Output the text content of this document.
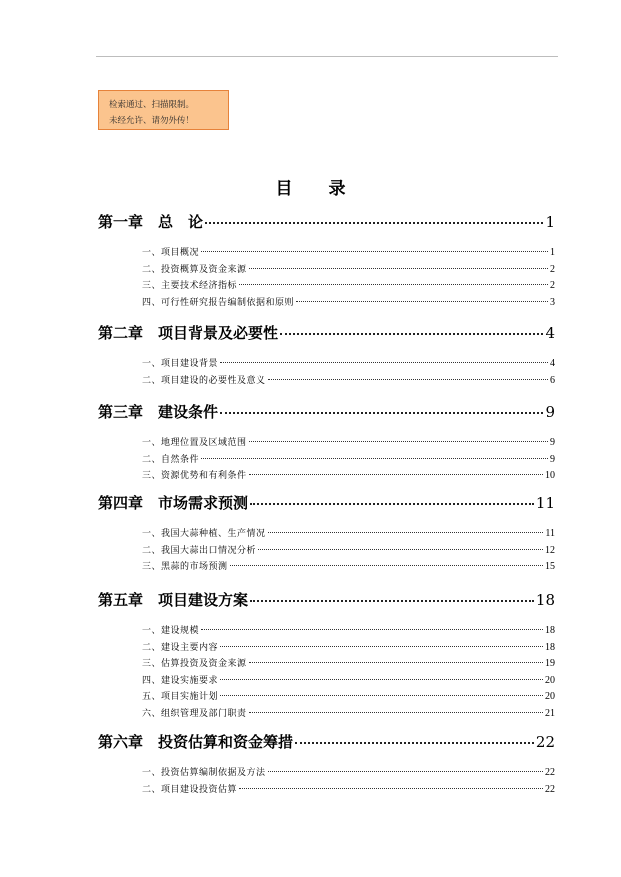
检索通过、扫描限制。
未经允许、请勿外传！
目录
第一章　总　论	1
一、项目概况	1
二、投资概算及资金来源	2
三、主要技术经济指标	2
四、可行性研究报告编制依据和原则	3
第二章　项目背景及必要性	4
一、项目建设背景	4
二、项目建设的必要性及意义	6
第三章　建设条件	9
一、地理位置及区域范围	9
二、自然条件	9
三、资源优势和有利条件	10
第四章　市场需求预测	11
一、我国大蒜种植、生产情况	11
二、我国大蒜出口情况分析	12
三、黑蒜的市场预测	15
第五章　项目建设方案	18
一、建设规模	18
二、建设主要内容	18
三、估算投资及资金来源	19
四、建设实施要求	20
五、项目实施计划	20
六、组织管理及部门职责	21
第六章　投资估算和资金筹措	22
一、投资估算编制依据及方法	22
二、项目建设投资估算	22
